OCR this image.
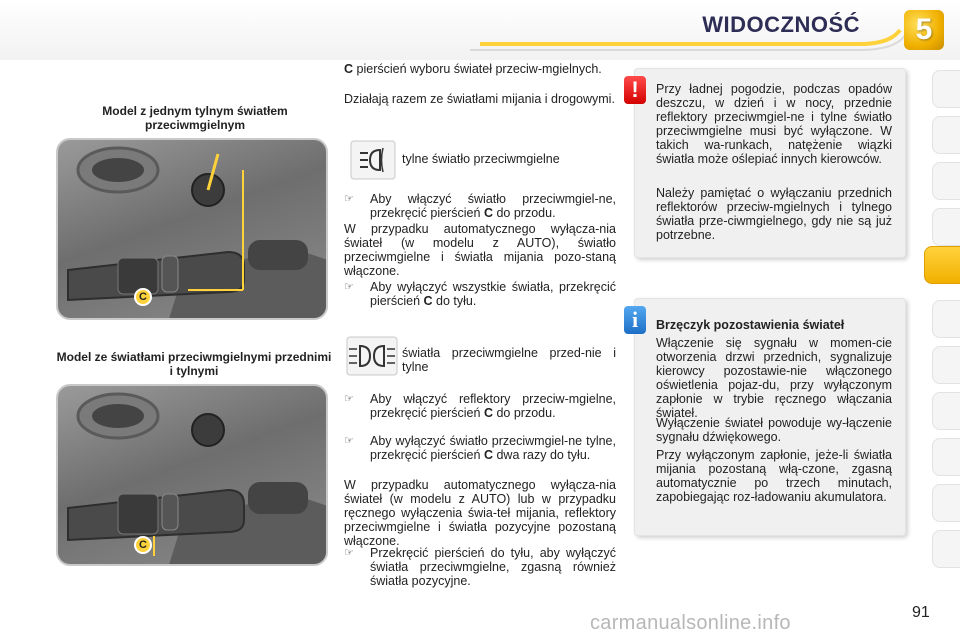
WIDOCZNOŚĆ	5
Model z jednym tylnym światłem przeciwmgielnym
C
Model ze światłami przeciwmgielnymi przednimi i tylnymi
C
C pierścień wyboru świateł przeciw-mgielnych.
Działają razem ze światłami mijania i drogowymi.
tylne światło przeciwmgielne
☞ Aby włączyć światło przeciwmgiel-ne, przekręcić pierścień C do przodu.
W przypadku automatycznego wyłącza-nia świateł (w modelu z AUTO), światło przeciwmgielne i światła mijania pozo-staną włączone.
☞ Aby wyłączyć wszystkie światła, przekręcić pierścień C do tyłu.
światła przeciwmgielne przed-nie i tylne
☞ Aby włączyć reflektory przeciw-mgielne, przekręcić pierścień C do przodu.
☞ Aby wyłączyć światło przeciwmgiel-ne tylne, przekręcić pierścień C dwa razy do tyłu.
W przypadku automatycznego wyłącza-nia świateł (w modelu z AUTO) lub w przypadku ręcznego wyłączenia świa-teł mijania, reflektory przeciwmgielne i światła pozycyjne pozostaną włączone.
☞ Przekręcić pierścień do tyłu, aby wyłączyć światła przeciwmgielne, zgasną również światła pozycyjne.
Przy ładnej pogodzie, podczas opadów deszczu, w dzień i w nocy, przednie reflektory przeciwmgiel-ne i tylne światło przeciwmgielne musi być wyłączone. W takich wa-runkach, natężenie wiązki światła może oślepiać innych kierowców.
Należy pamiętać o wyłączaniu przednich reflektorów przeciw-mgielnych i tylnego światła prze-ciwmgielnego, gdy nie są już potrzebne.
!
Brzęczyk pozostawienia świateł
Włączenie się sygnału w momen-cie otworzenia drzwi przednich, sygnalizuje kierowcy pozostawie-nie włączonego oświetlenia pojaz-du, przy wyłączonym zapłonie w trybie ręcznego włączania świateł.
Wyłączenie świateł powoduje wy-łączenie sygnału dźwiękowego.
Przy wyłączonym zapłonie, jeże-li światła mijania pozostaną włą-czone, zgasną automatycznie po trzech minutach, zapobiegając roz-ładowaniu akumulatora.
i
91
carmanualsonline.info
